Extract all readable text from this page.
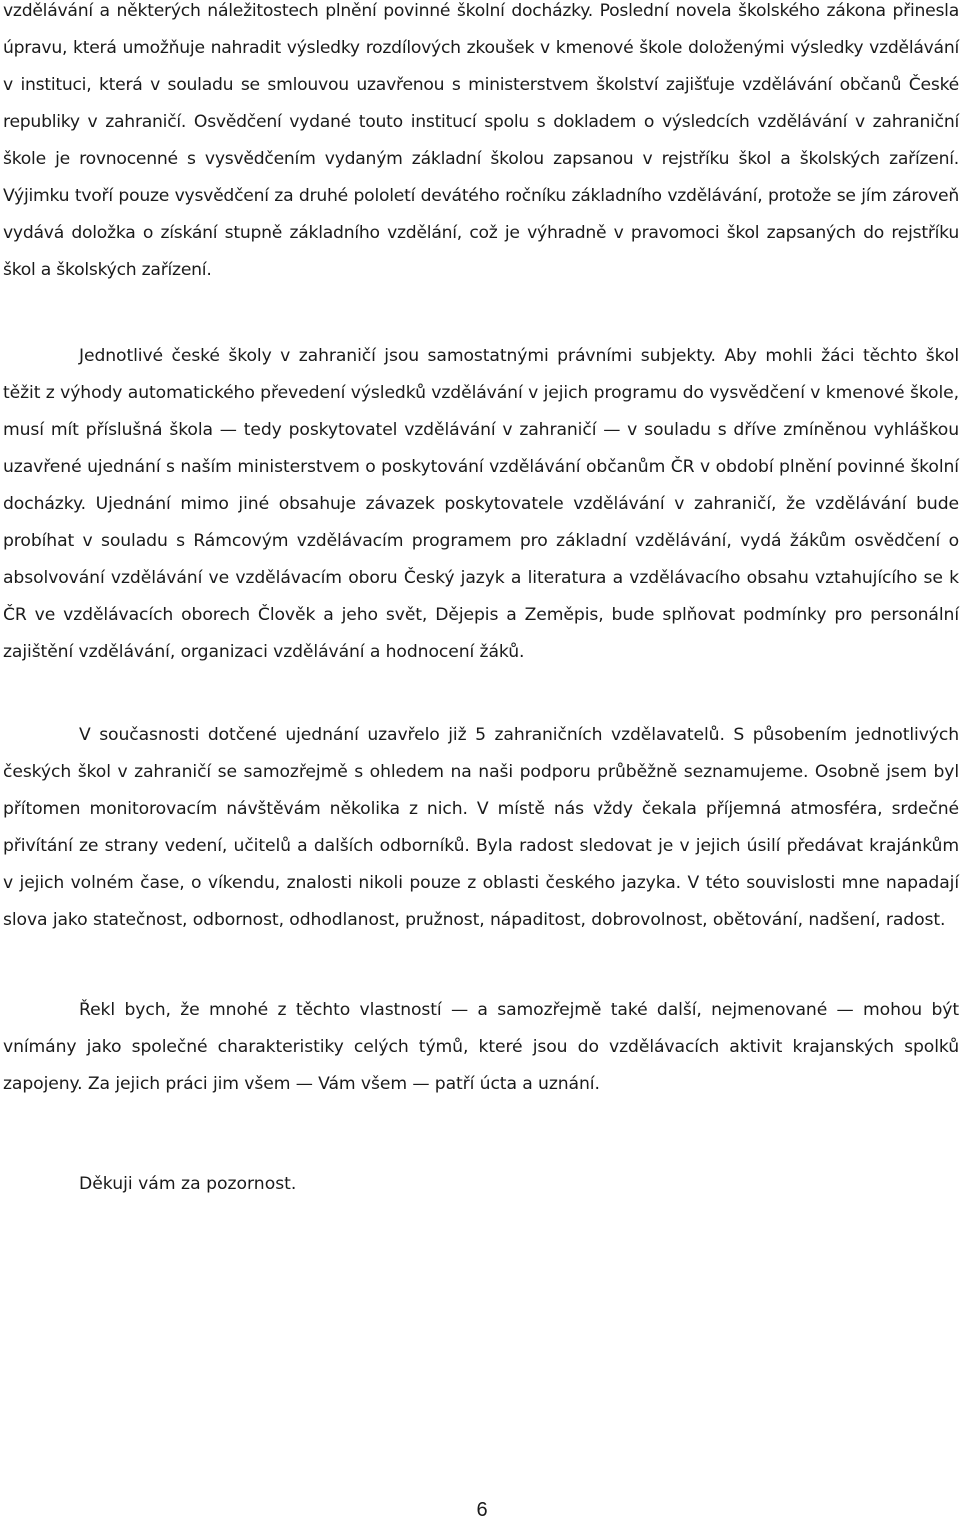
vzdělávání a některých náležitostech plnění povinné školní docházky. Poslední novela školského zákona přinesla úpravu, která umožňuje nahradit výsledky rozdílových zkoušek v kmenové škole doloženými výsledky vzdělávání v instituci, která v souladu se smlouvou uzavřenou s ministerstvem školství zajišťuje vzdělávání občanů České republiky v zahraničí. Osvědčení vydané touto institucí spolu s dokladem o výsledcích vzdělávání v zahraniční škole je rovnocenné s vysvědčením vydaným základní školou zapsanou v rejstříku škol a školských zařízení. Výjimku tvoří pouze vysvědčení za druhé pololetí devátého ročníku základního vzdělávání, protože se jím zároveň vydává doložka o získání stupně základního vzdělání, což je výhradně v pravomoci škol zapsaných do rejstříku škol a školských zařízení.

Jednotlivé české školy v zahraničí jsou samostatnými právními subjekty. Aby mohli žáci těchto škol těžit z výhody automatického převedení výsledků vzdělávání v jejich programu do vysvědčení v kmenové škole, musí mít příslušná škola — tedy poskytovatel vzdělávání v zahraničí — v souladu s dříve zmíněnou vyhláškou uzavřené ujednání s naším ministerstvem o poskytování vzdělávání občanům ČR v období plnění povinné školní docházky. Ujednání mimo jiné obsahuje závazek poskytovatele vzdělávání v zahraničí, že vzdělávání bude probíhat v souladu s Rámcovým vzdělávacím programem pro základní vzdělávání, vydá žákům osvědčení o absolvování vzdělávání ve vzdělávacím oboru Český jazyk a literatura a vzdělávacího obsahu vztahujícího se k ČR ve vzdělávacích oborech Člověk a jeho svět, Dějepis a Zeměpis, bude splňovat podmínky pro personální zajištění vzdělávání, organizaci vzdělávání a hodnocení žáků.

V současnosti dotčené ujednání uzavřelo již 5 zahraničních vzdělavatelů. S působením jednotlivých českých škol v zahraničí se samozřejmě s ohledem na naši podporu průběžně seznamujeme. Osobně jsem byl přítomen monitorovacím návštěvám několika z nich. V místě nás vždy čekala příjemná atmosféra, srdečné přivítání ze strany vedení, učitelů a dalších odborníků. Byla radost sledovat je v jejich úsilí předávat krajánkům v jejich volném čase, o víkendu, znalosti nikoli pouze z oblasti českého jazyka. V této souvislosti mne napadají slova jako statečnost, odbornost, odhodlanost, pružnost, nápaditost, dobrovolnost, obětování, nadšení, radost.

Řekl bych, že mnohé z těchto vlastností — a samozřejmě také další, nejmenované — mohou být vnímány jako společné charakteristiky celých týmů, které jsou do vzdělávacích aktivit krajanských spolků zapojeny. Za jejich práci jim všem — Vám všem — patří úcta a uznání.

Děkuji vám za pozornost.

6
